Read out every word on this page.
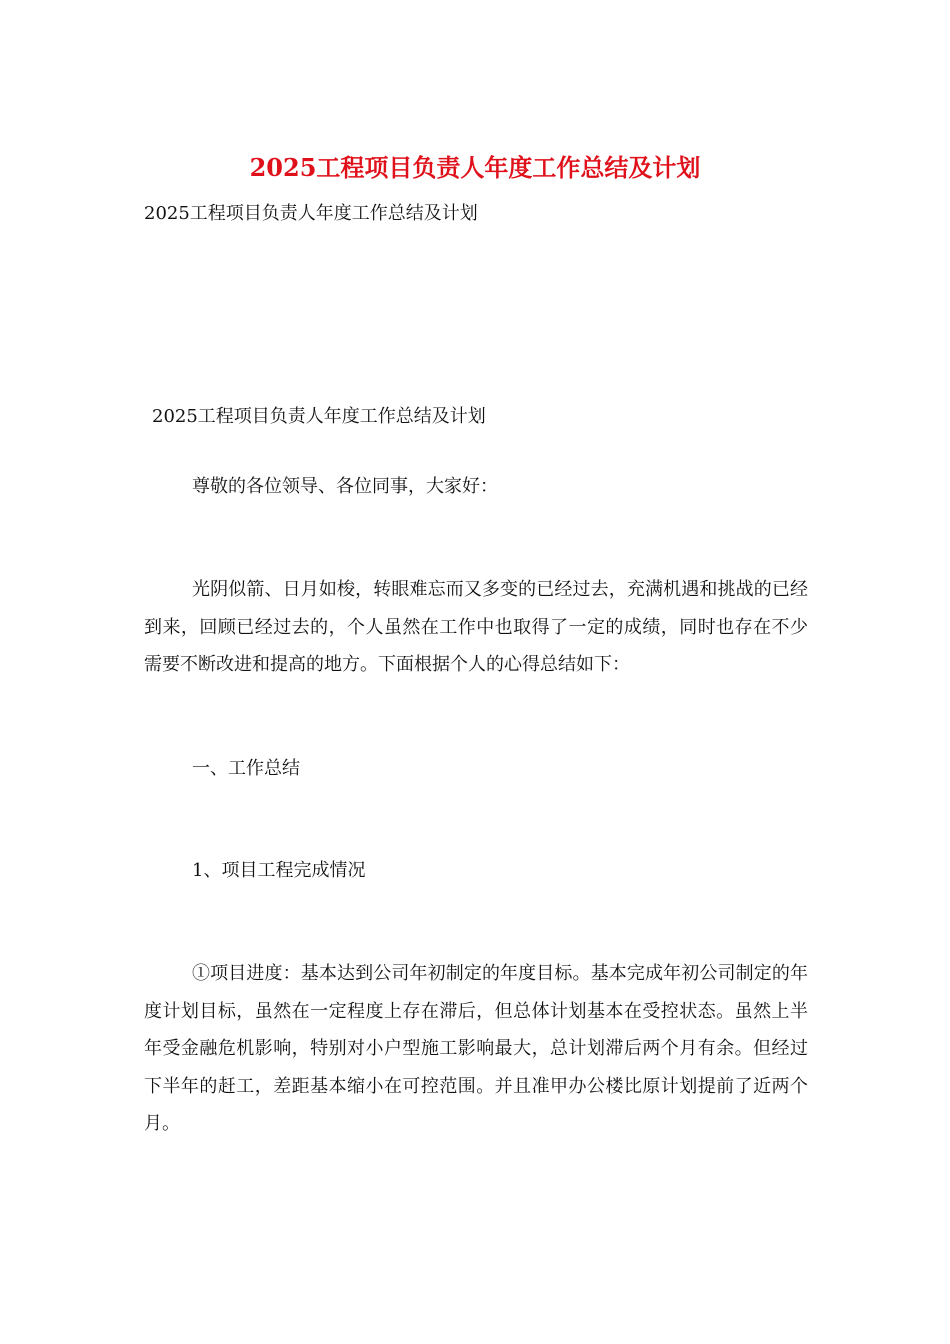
2025工程项目负责人年度工作总结及计划
2025工程项目负责人年度工作总结及计划
2025工程项目负责人年度工作总结及计划
尊敬的各位领导、各位同事，大家好：
光阴似箭、日月如梭，转眼难忘而又多变的已经过去，充满机遇和挑战的已经到来，回顾已经过去的，个人虽然在工作中也取得了一定的成绩，同时也存在不少需要不断改进和提高的地方。下面根据个人的心得总结如下：
一、工作总结
1、项目工程完成情况
①项目进度：基本达到公司年初制定的年度目标。基本完成年初公司制定的年度计划目标，虽然在一定程度上存在滞后，但总体计划基本在受控状态。虽然上半年受金融危机影响，特别对小户型施工影响最大，总计划滞后两个月有余。但经过下半年的赶工，差距基本缩小在可控范围。并且准甲办公楼比原计划提前了近两个月。
